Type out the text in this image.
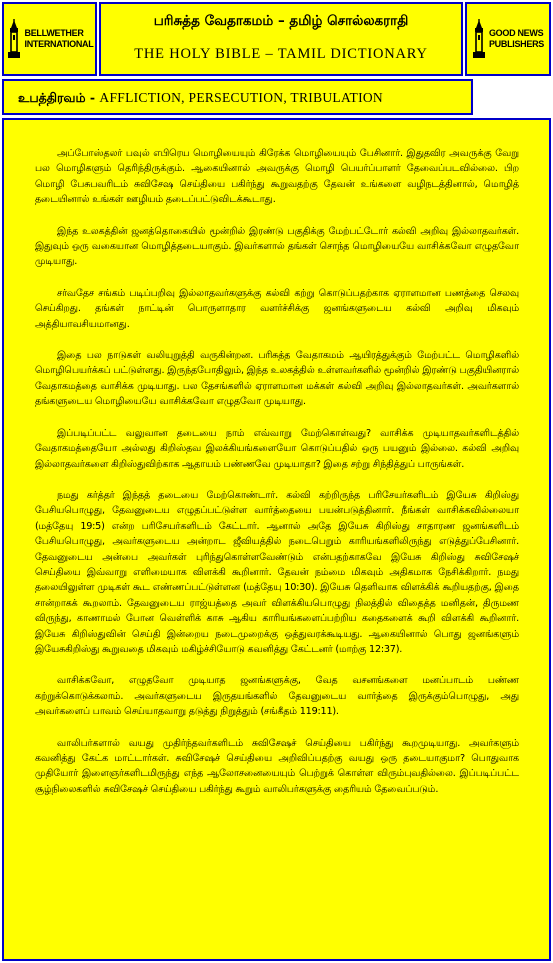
BELLWETHER
INTERNATIONAL
பரிசுத்த வேதாகமம் – தமிழ் சொல்லகராதி
THE HOLY BIBLE – TAMIL DICTIONARY
GOOD NEWS
PUBLISHERS
உபத்திரவம் - AFFLICTION, PERSECUTION, TRIBULATION

அப்போஸ்தலர் பவுல் எபிரெய மொழியையும் கிரேக்க மொழியையும் பேசினார். இதுதவிர அவருக்கு வேறு பல மொழிகளும் தெரிந்திருக்கும். ஆகையினால் அவருக்கு மொழி பெயர்ப்பாளர் தேவைப்படவில்லை. பிற மொழி பேசுபவரிடம் சுவிசேஷ செய்தியை பகிர்ந்து கூறுவதற்கு தேவன் உங்களை வழிநடத்தினால், மொழித் தடையினால் உங்கள் ஊழியம் தடைப்பட்டுவிடக்கூடாது.

இந்த உலகத்தின் ஜனத்தொகையில் மூன்றில் இரண்டு பகுதிக்கு மேற்பட்டோர் கல்வி அறிவு இல்லாதவர்கள். இதுவும் ஒரு வகையான மொழித்தடையாகும். இவர்களால் தங்கள் சொந்த மொழியையே வாசிக்கவோ எழுதவோ முடியாது.

சர்வதேச சங்கம் படிப்பறிவு இல்லாதவர்களுக்கு கல்வி கற்று கொடுப்பதற்காக ஏராளமான பணத்தை செலவு செய்கிறது. தங்கள் நாட்டின் பொருளாதார வளர்ச்சிக்கு ஜனங்களுடைய கல்வி அறிவு மிகவும் அத்தியாவசியமானது.

இதை பல நாடுகள் வலியுறுத்தி வருகின்றன. பரிசுத்த வேதாகமம் ஆயிரத்துக்கும் மேற்பட்ட மொழிகளில் மொழிபெயர்க்கப் பட்டுள்ளது. இருந்தபோதிலும், இந்த உலகத்தில் உள்ளவர்களில் மூன்றில் இரண்டு பகுதியினரால் வேதாகமத்தை வாசிக்க முடியாது. பல தேசங்களில் ஏராளமான மக்கள் கல்வி அறிவு இல்லாதவர்கள். அவர்களால் தங்களுடைய மொழியையே வாசிக்கவோ எழுதவோ முடியாது.

இப்படிப்பட்ட வலுவான தடையை நாம் எவ்வாறு மேற்கொள்வது? வாசிக்க முடியாதவர்களிடத்தில் வேதாகமத்தையோ அல்லது கிறிஸ்தவ இலக்கியங்களையோ கொடுப்பதில் ஒரு பயனும் இல்லை. கல்வி அறிவு இல்லாதவர்களை கிறிஸ்துவிற்காக ஆதாயம் பண்ணவே முடியாதா? இதை சற்று சிந்தித்துப் பாருங்கள்.

நமது கர்த்தர் இந்தத் தடையை மேற்கொண்டார். கல்வி கற்றிருந்த பரிசேயர்களிடம் இயேசு கிறிஸ்து பேசியபொழுது, தேவனுடைய எழுதப்பட்டுள்ள வார்த்தையை பயன்படுத்தினார். நீங்கள் வாசிக்கவில்லையா (மத்தேயு 19:5) என்ற பரிசேயர்களிடம் கேட்டார். ஆனால் அதே இயேசு கிறிஸ்து சாதாரண ஜனங்களிடம் பேசியபொழுது, அவர்களுடைய அன்றாட ஜீவியத்தில் நடைபெறும் காரியங்களிலிருந்து எடுத்துப்பேசினார். தேவனுடைய அன்பை அவர்கள் புரிந்துகொள்ளவேண்டும் என்பதற்காகவே இயேசு கிறிஸ்து சுவிசேஷச் செய்தியை இவ்வாறு எளிமையாக விளக்கி கூறினார். தேவன் நம்மை மிகவும் அதிகமாக நேசிக்கிறார். நமது தலையிலுள்ள முடிகள் கூட எண்ணப்பட்டுள்ளன (மத்தேயு 10:30). இயேசு தெளிவாக விளக்கிக் கூறியதற்கு, இதை சான்றாகக் கூறலாம். தேவனுடைய ராஜ்யத்தை அவர் விளக்கியபொழுது நிலத்தில் விதைத்த மனிதன், திருமண விருந்து, காணாமல் போன வெள்ளிக் காசு ஆகிய காரியங்களைப்பற்றிய கதைகளைக் கூறி விளக்கி கூறினார். இயேசு கிறிஸ்துவின் செய்தி இன்றைய நடைமுறைக்கு ஒத்துவரக்கூடியது. ஆகையினால் பொது ஜனங்களும் இயேசுகிறிஸ்து கூறுவதை மிகவும் மகிழ்ச்சியோடு கவனித்து கேட்டனர் (மாற்கு 12:37).

வாசிக்கவோ, எழுதவோ முடியாத ஜனங்களுக்கு, வேத வசனங்களை மனப்பாடம் பண்ண கற்றுக்கொடுக்கலாம். அவர்களுடைய இருதயங்களில் தேவனுடைய வார்த்தை இருக்கும்பொழுது, அது அவர்களைப் பாவம் செய்யாதவாறு தடுத்து நிறுத்தும் (சங்கீதம் 119:11).

வாலிபர்களால் வயது முதிர்ந்தவர்களிடம் சுவிசேஷச் செய்தியை பகிர்ந்து கூறமுடியாது. அவர்களும் கவனித்து கேட்க மாட்டார்கள். சுவிசேஷச் செய்தியை அறிவிப்பதற்கு வயது ஒரு தடையாகுமா? பொதுவாக முதியோர் இளைஞர்களிடமிருந்து எந்த ஆலோசனையையும் பெற்றுக் கொள்ள விரும்புவதில்லை. இப்படிப்பட்ட சூழ்நிலைகளில் சுவிசேஷச் செய்தியை பகிர்ந்து கூறும் வாலிபர்களுக்கு தைரியம் தேவைப்படும்.
